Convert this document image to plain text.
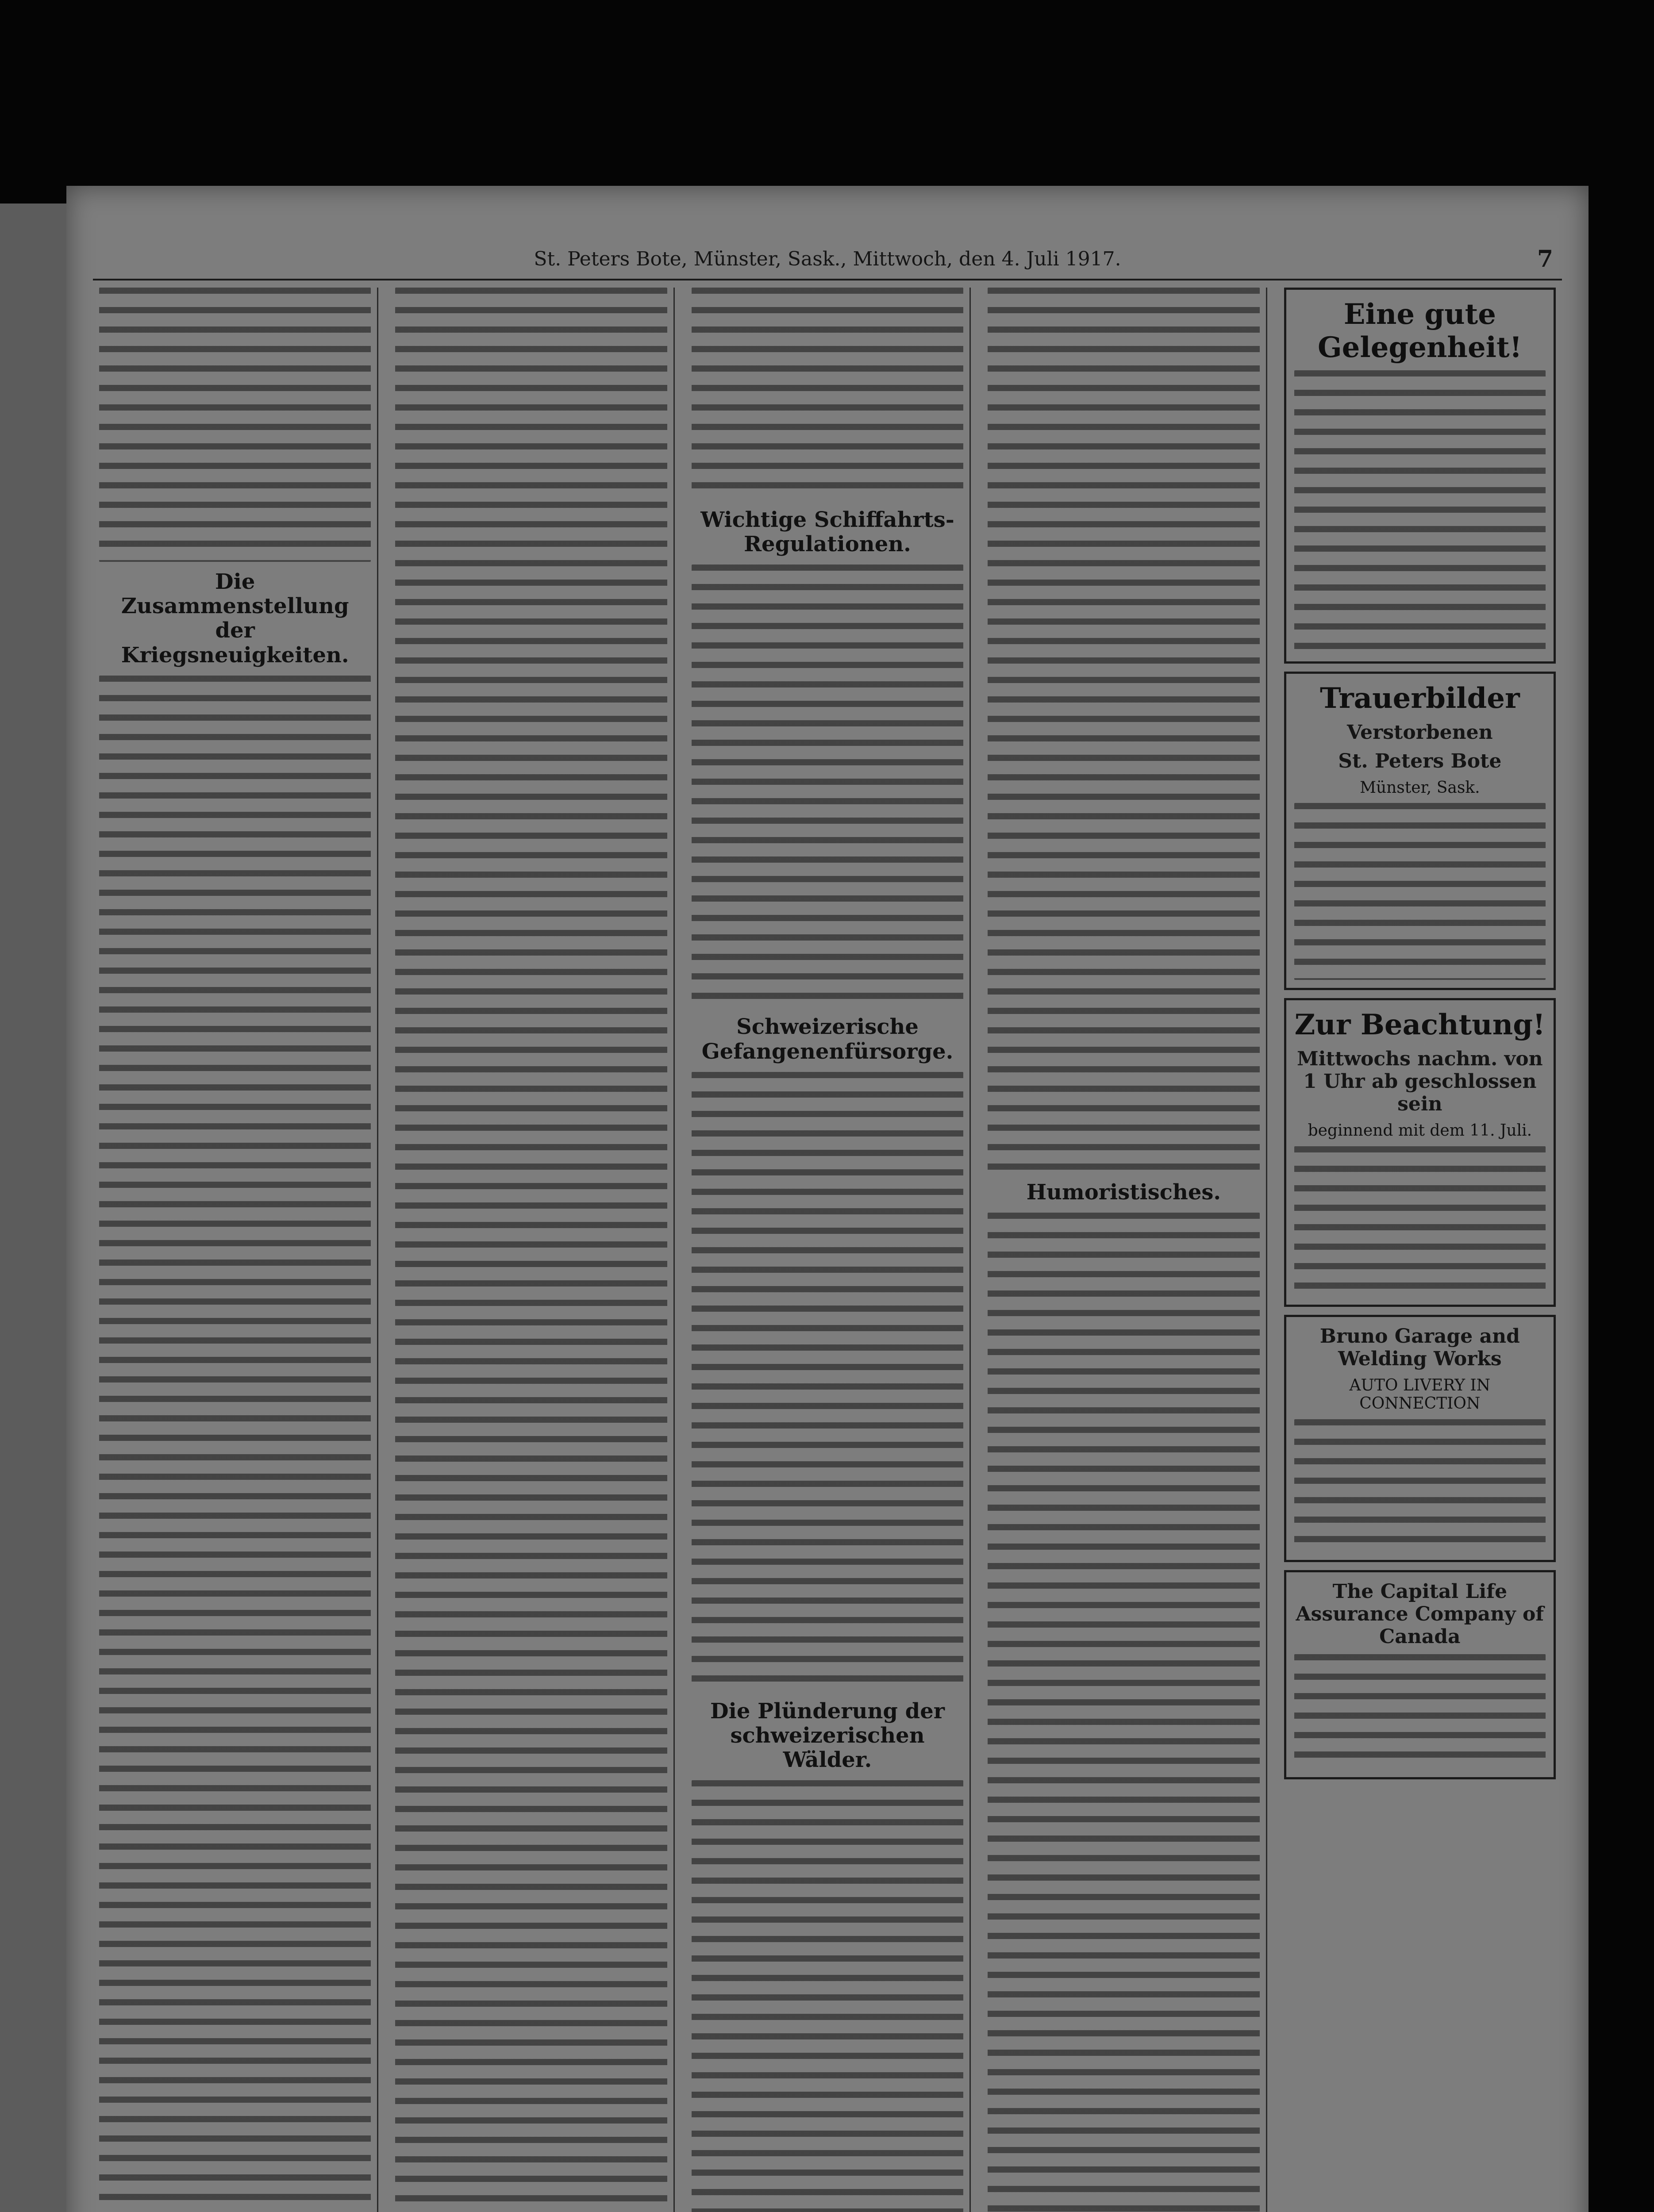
St. Peters Bote, Münster, Sask., Mittwoch, den 4. Juli 1917.	7
Die Zusammenstellung der Kriegsneuigkeiten.
Wichtige Schiffahrts-Regulationen.
Schweizerische Gefangenenfürsorge.
Die Plünderung der schweizerischen Wälder.
Humoristisches.
Eine gute Gelegenheit!
Trauerbilder
Verstorbenen
St. Peters Bote
Münster, Sask.
Zur Beachtung!
Mittwochs nachm. von 1 Uhr ab geschlossen sein
beginnend mit dem 11. Juli.
Bruno Garage and Welding Works
AUTO LIVERY IN CONNECTION
The Capital Life Assurance Company of Canada
